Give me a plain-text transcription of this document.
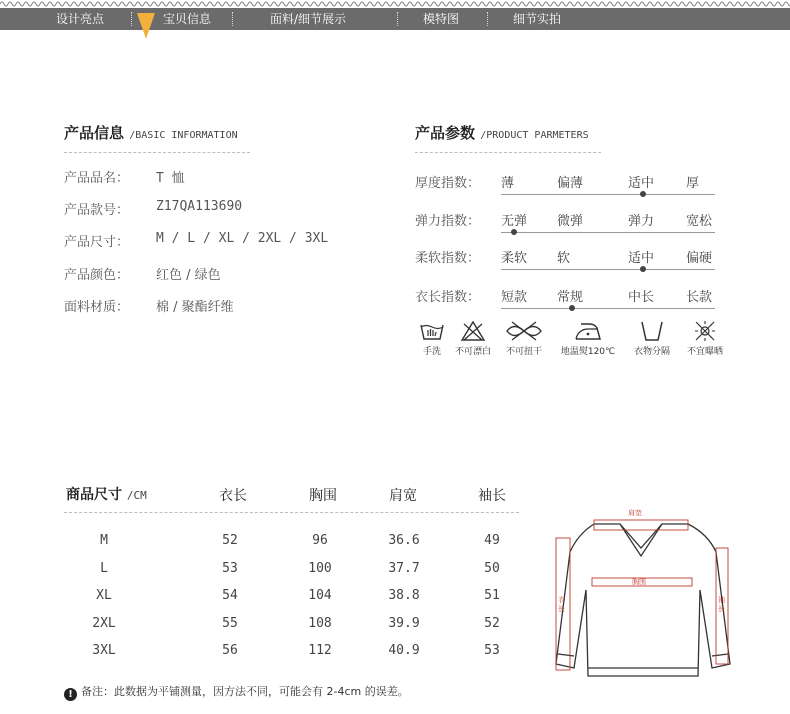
设计亮点	宝贝信息	面料/细节展示	模特图	细节实拍
产品信息 /BASIC INFORMATION
产品品名： T 恤
产品款号： Z17QA113690
产品尺寸： M / L / XL / 2XL / 3XL
产品颜色： 红色 / 绿色
面料材质： 棉 / 聚酯纤维
产品参数 /PRODUCT PARMETERS
厚度指数： 薄	偏薄	适中 厚
弹力指数： 无弹 微弹	弹力 宽松
柔软指数： 柔软 软	适中 偏硬
衣长指数： 短款 常规	中长 长款
手洗	不可漂白	不可扭干	地温熨120℃	衣物分隔	不宜曝晒
商品尺寸 /CM	衣长	胸围	肩宽	袖长
M	52	96	36.6	49
L	53	100	37.7	50
XL	54	104	38.8	51
2XL	55	108	39.9	52
3XL	56	112	40.9	53
肩宽
胸围
衣长
袖长
! 备注：此数据为平铺测量，因方法不同，可能会有 2-4cm 的误差。
